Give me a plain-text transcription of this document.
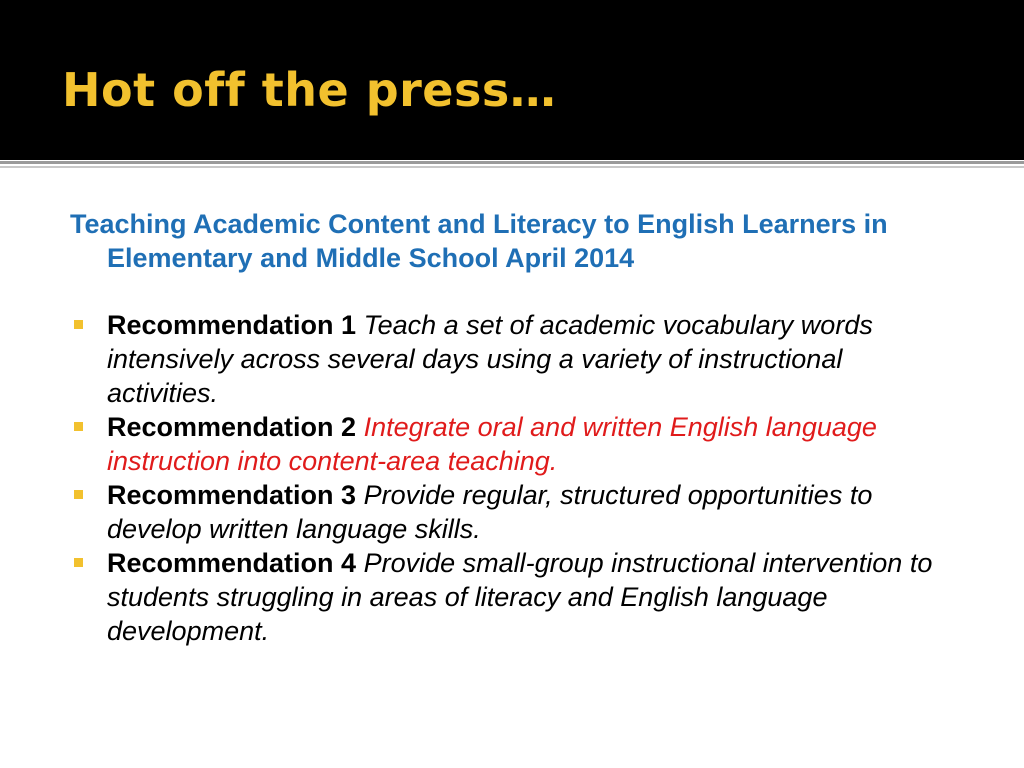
Hot off the press…

Teaching Academic Content and Literacy to English Learners in Elementary and Middle School April 2014

Recommendation 1 Teach a set of academic vocabulary words intensively across several days using a variety of instructional activities.
Recommendation 2 Integrate oral and written English language instruction into content-area teaching.
Recommendation 3 Provide regular, structured opportunities to develop written language skills.
Recommendation 4 Provide small-group instructional intervention to students struggling in areas of literacy and English language development.
